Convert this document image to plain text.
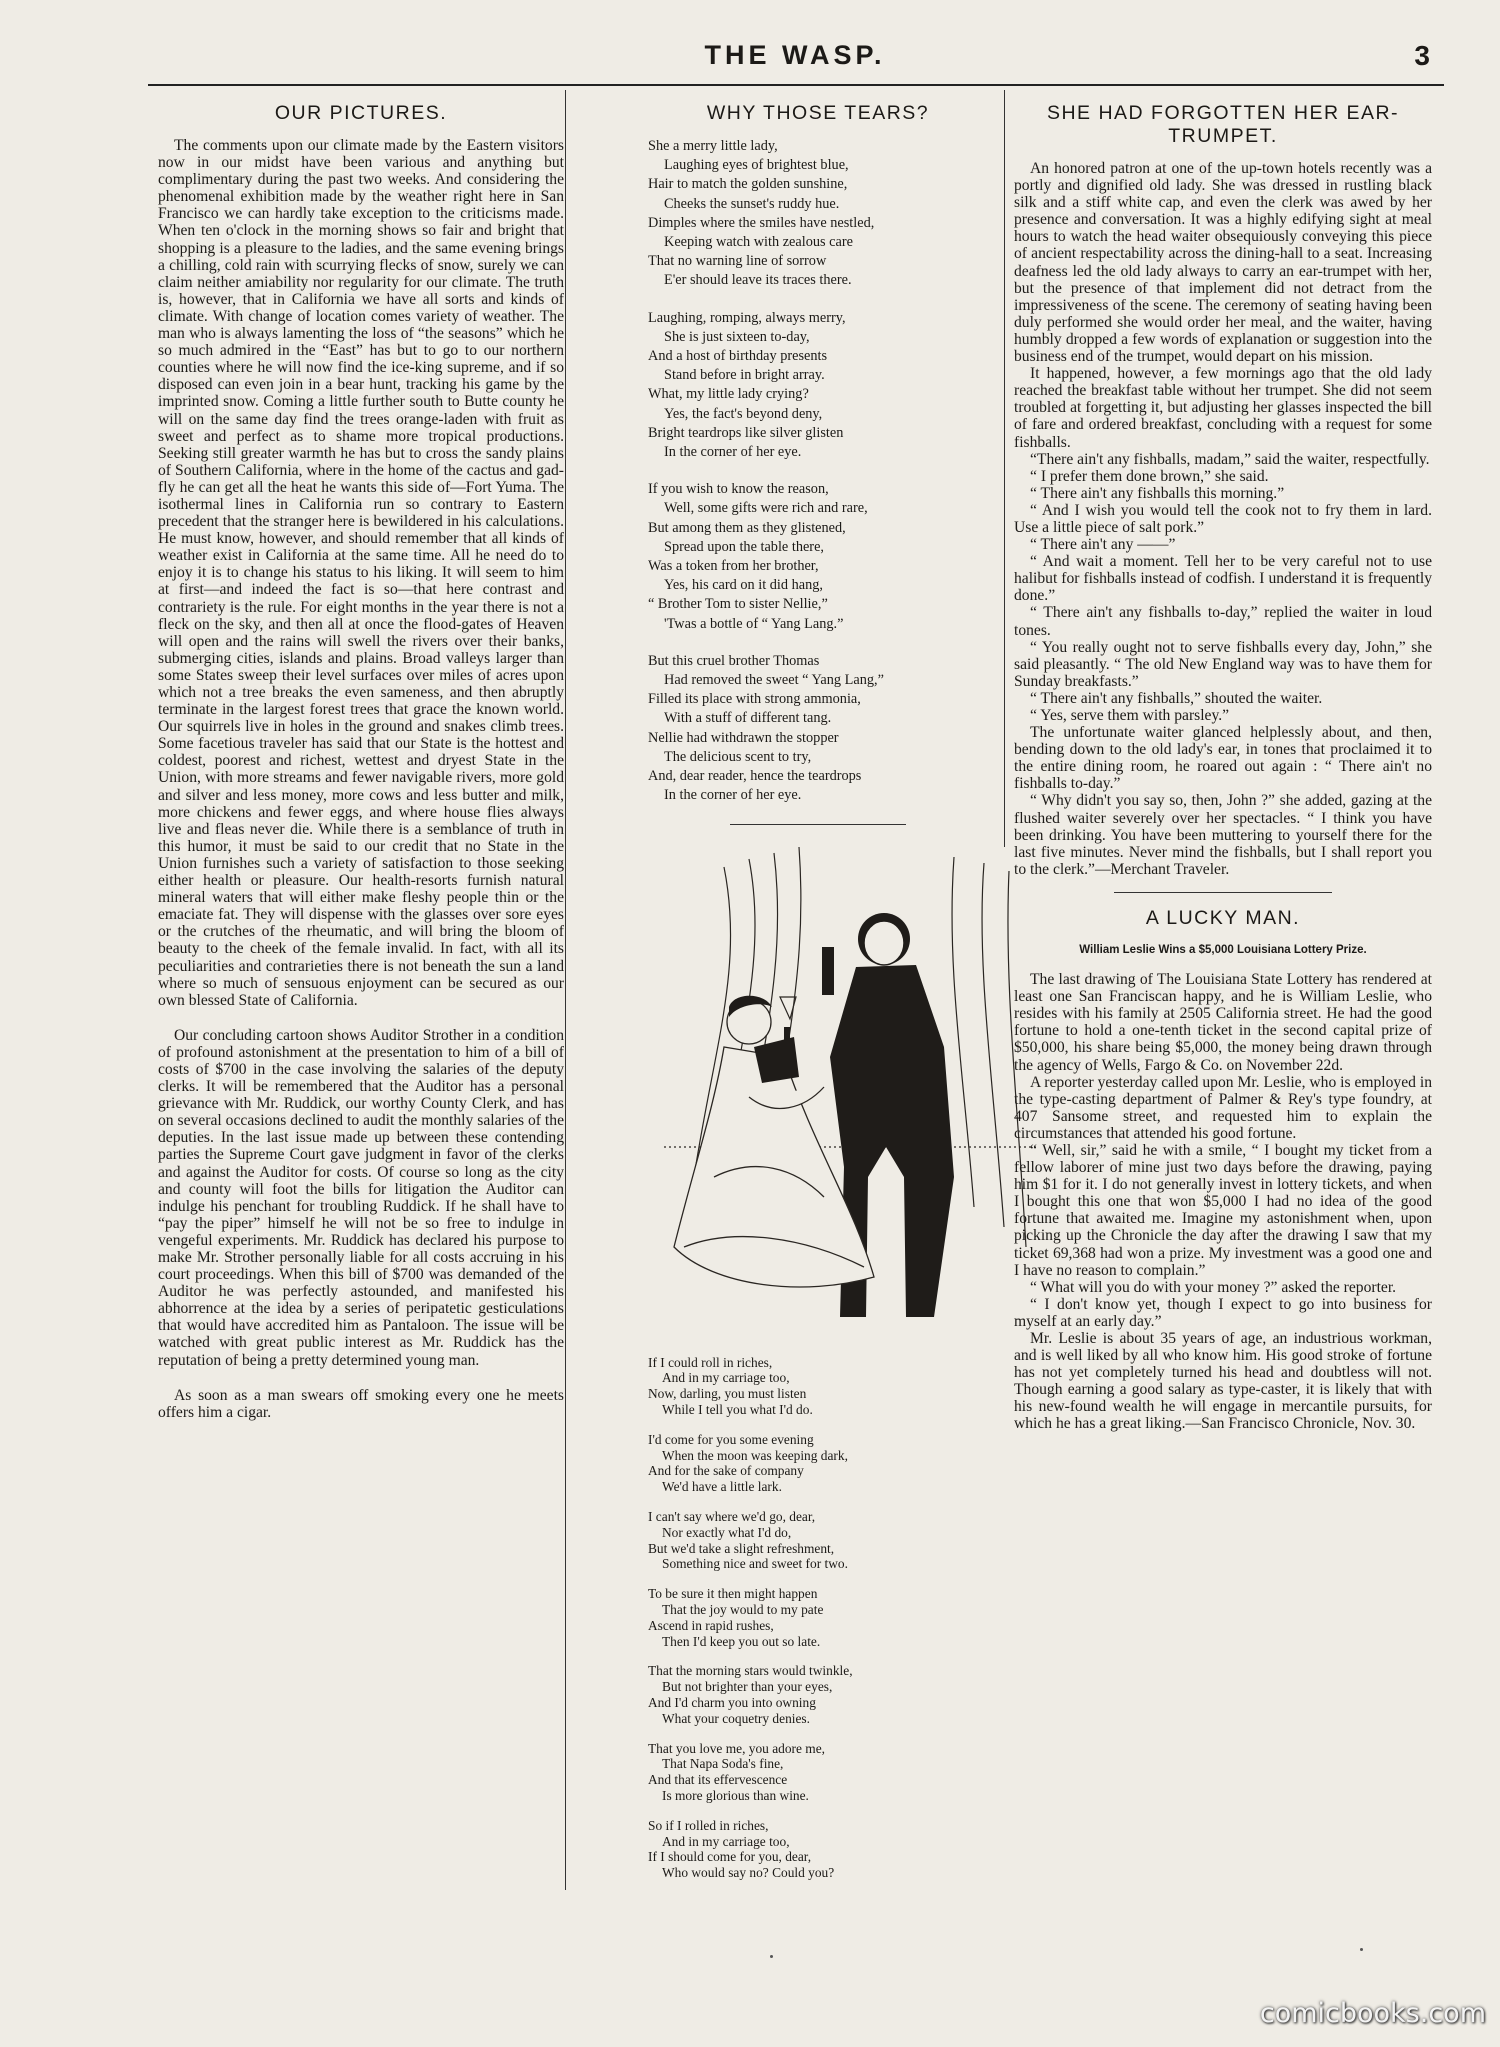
THE WASP.	3
OUR PICTURES.

The comments upon our climate made by the Eastern visitors now in our midst have been various and anything but complimentary during the past two weeks. And considering the phenomenal exhibition made by the weather right here in San Francisco we can hardly take exception to the criticisms made. When ten o'clock in the morning shows so fair and bright that shopping is a pleasure to the ladies, and the same evening brings a chilling, cold rain with scurrying flecks of snow, surely we can claim neither amiability nor regularity for our climate. The truth is, however, that in California we have all sorts and kinds of climate. With change of location comes variety of weather. The man who is always lamenting the loss of “the seasons” which he so much admired in the “East” has but to go to our northern counties where he will now find the ice-king supreme, and if so disposed can even join in a bear hunt, tracking his game by the imprinted snow. Coming a little further south to Butte county he will on the same day find the trees orange-laden with fruit as sweet and perfect as to shame more tropical productions. Seeking still greater warmth he has but to cross the sandy plains of Southern California, where in the home of the cactus and gad-fly he can get all the heat he wants this side of—Fort Yuma. The isothermal lines in California run so contrary to Eastern precedent that the stranger here is bewildered in his calculations. He must know, however, and should remember that all kinds of weather exist in California at the same time. All he need do to enjoy it is to change his status to his liking. It will seem to him at first—and indeed the fact is so—that here contrast and contrariety is the rule. For eight months in the year there is not a fleck on the sky, and then all at once the flood-gates of Heaven will open and the rains will swell the rivers over their banks, submerging cities, islands and plains. Broad valleys larger than some States sweep their level surfaces over miles of acres upon which not a tree breaks the even sameness, and then abruptly terminate in the largest forest trees that grace the known world. Our squirrels live in holes in the ground and snakes climb trees. Some facetious traveler has said that our State is the hottest and coldest, poorest and richest, wettest and dryest State in the Union, with more streams and fewer navigable rivers, more gold and silver and less money, more cows and less butter and milk, more chickens and fewer eggs, and where house flies always live and fleas never die. While there is a semblance of truth in this humor, it must be said to our credit that no State in the Union furnishes such a variety of satisfaction to those seeking either health or pleasure. Our health-resorts furnish natural mineral waters that will either make fleshy people thin or the emaciate fat. They will dispense with the glasses over sore eyes or the crutches of the rheumatic, and will bring the bloom of beauty to the cheek of the female invalid. In fact, with all its peculiarities and contrarieties there is not beneath the sun a land where so much of sensuous enjoyment can be secured as our own blessed State of California.

Our concluding cartoon shows Auditor Strother in a condition of profound astonishment at the presentation to him of a bill of costs of $700 in the case involving the salaries of the deputy clerks. It will be remembered that the Auditor has a personal grievance with Mr. Ruddick, our worthy County Clerk, and has on several occasions declined to audit the monthly salaries of the deputies. In the last issue made up between these contending parties the Supreme Court gave judgment in favor of the clerks and against the Auditor for costs. Of course so long as the city and county will foot the bills for litigation the Auditor can indulge his penchant for troubling Ruddick. If he shall have to “pay the piper” himself he will not be so free to indulge in vengeful experiments. Mr. Ruddick has declared his purpose to make Mr. Strother personally liable for all costs accruing in his court proceedings. When this bill of $700 was demanded of the Auditor he was perfectly astounded, and manifested his abhorrence at the idea by a series of peripatetic gesticulations that would have accredited him as Pantaloon. The issue will be watched with great public interest as Mr. Ruddick has the reputation of being a pretty determined young man.

As soon as a man swears off smoking every one he meets offers him a cigar.

WHY THOSE TEARS?
She a merry little lady,
Laughing eyes of brightest blue,
Hair to match the golden sunshine,
Cheeks the sunset's ruddy hue.
Dimples where the smiles have nestled,
Keeping watch with zealous care
That no warning line of sorrow
E'er should leave its traces there.
Laughing, romping, always merry,
She is just sixteen to-day,
And a host of birthday presents
Stand before in bright array.
What, my little lady crying?
Yes, the fact's beyond deny,
Bright teardrops like silver glisten
In the corner of her eye.
If you wish to know the reason,
Well, some gifts were rich and rare,
But among them as they glistened,
Spread upon the table there,
Was a token from her brother,
Yes, his card on it did hang,
“ Brother Tom to sister Nellie,”
'Twas a bottle of “ Yang Lang.”
But this cruel brother Thomas
Had removed the sweet “ Yang Lang,”
Filled its place with strong ammonia,
With a stuff of different tang.
Nellie had withdrawn the stopper
The delicious scent to try,
And, dear reader, hence the teardrops
In the corner of her eye.
If I could roll in riches,
And in my carriage too,
Now, darling, you must listen
While I tell you what I'd do.
I'd come for you some evening
When the moon was keeping dark,
And for the sake of company
We'd have a little lark.
I can't say where we'd go, dear,
Nor exactly what I'd do,
But we'd take a slight refreshment,
Something nice and sweet for two.
To be sure it then might happen
That the joy would to my pate
Ascend in rapid rushes,
Then I'd keep you out so late.
That the morning stars would twinkle,
But not brighter than your eyes,
And I'd charm you into owning
What your coquetry denies.
That you love me, you adore me,
That Napa Soda's fine,
And that its effervescence
Is more glorious than wine.
So if I rolled in riches,
And in my carriage too,
If I should come for you, dear,
Who would say no? Could you?
SHE HAD FORGOTTEN HER EAR-TRUMPET.

An honored patron at one of the up-town hotels recently was a portly and dignified old lady. She was dressed in rustling black silk and a stiff white cap, and even the clerk was awed by her presence and conversation. It was a highly edifying sight at meal hours to watch the head waiter obsequiously conveying this piece of ancient respectability across the dining-hall to a seat. Increasing deafness led the old lady always to carry an ear-trumpet with her, but the presence of that implement did not detract from the impressiveness of the scene. The ceremony of seating having been duly performed she would order her meal, and the waiter, having humbly dropped a few words of explanation or suggestion into the business end of the trumpet, would depart on his mission.

It happened, however, a few mornings ago that the old lady reached the breakfast table without her trumpet. She did not seem troubled at forgetting it, but adjusting her glasses inspected the bill of fare and ordered breakfast, concluding with a request for some fishballs.

“There ain't any fishballs, madam,” said the waiter, respectfully.

“ I prefer them done brown,” she said.

“ There ain't any fishballs this morning.”

“ And I wish you would tell the cook not to fry them in lard. Use a little piece of salt pork.”

“ There ain't any ——”

“ And wait a moment. Tell her to be very careful not to use halibut for fishballs instead of codfish. I understand it is frequently done.”

“ There ain't any fishballs to-day,” replied the waiter in loud tones.

“ You really ought not to serve fishballs every day, John,” she said pleasantly. “ The old New England way was to have them for Sunday breakfasts.”

“ There ain't any fishballs,” shouted the waiter.

“ Yes, serve them with parsley.”

The unfortunate waiter glanced helplessly about, and then, bending down to the old lady's ear, in tones that proclaimed it to the entire dining room, he roared out again : “ There ain't no fishballs to-day.”

“ Why didn't you say so, then, John ?” she added, gazing at the flushed waiter severely over her spectacles. “ I think you have been drinking. You have been muttering to yourself there for the last five minutes. Never mind the fishballs, but I shall report you to the clerk.”—Merchant Traveler.

A LUCKY MAN.
William Leslie Wins a $5,000 Louisiana Lottery Prize.

The last drawing of The Louisiana State Lottery has rendered at least one San Franciscan happy, and he is William Leslie, who resides with his family at 2505 California street. He had the good fortune to hold a one-tenth ticket in the second capital prize of $50,000, his share being $5,000, the money being drawn through the agency of Wells, Fargo & Co. on November 22d.

A reporter yesterday called upon Mr. Leslie, who is employed in the type-casting department of Palmer & Rey's type foundry, at 407 Sansome street, and requested him to explain the circumstances that attended his good fortune.

“ Well, sir,” said he with a smile, “ I bought my ticket from a fellow laborer of mine just two days before the drawing, paying him $1 for it. I do not generally invest in lottery tickets, and when I bought this one that won $5,000 I had no idea of the good fortune that awaited me. Imagine my astonishment when, upon picking up the Chronicle the day after the drawing I saw that my ticket 69,368 had won a prize. My investment was a good one and I have no reason to complain.”

“ What will you do with your money ?” asked the reporter.

“ I don't know yet, though I expect to go into business for myself at an early day.”

Mr. Leslie is about 35 years of age, an industrious workman, and is well liked by all who know him. His good stroke of fortune has not yet completely turned his head and doubtless will not. Though earning a good salary as type-caster, it is likely that with his new-found wealth he will engage in mercantile pursuits, for which he has a great liking.—San Francisco Chronicle, Nov. 30.

comicbooks.com
